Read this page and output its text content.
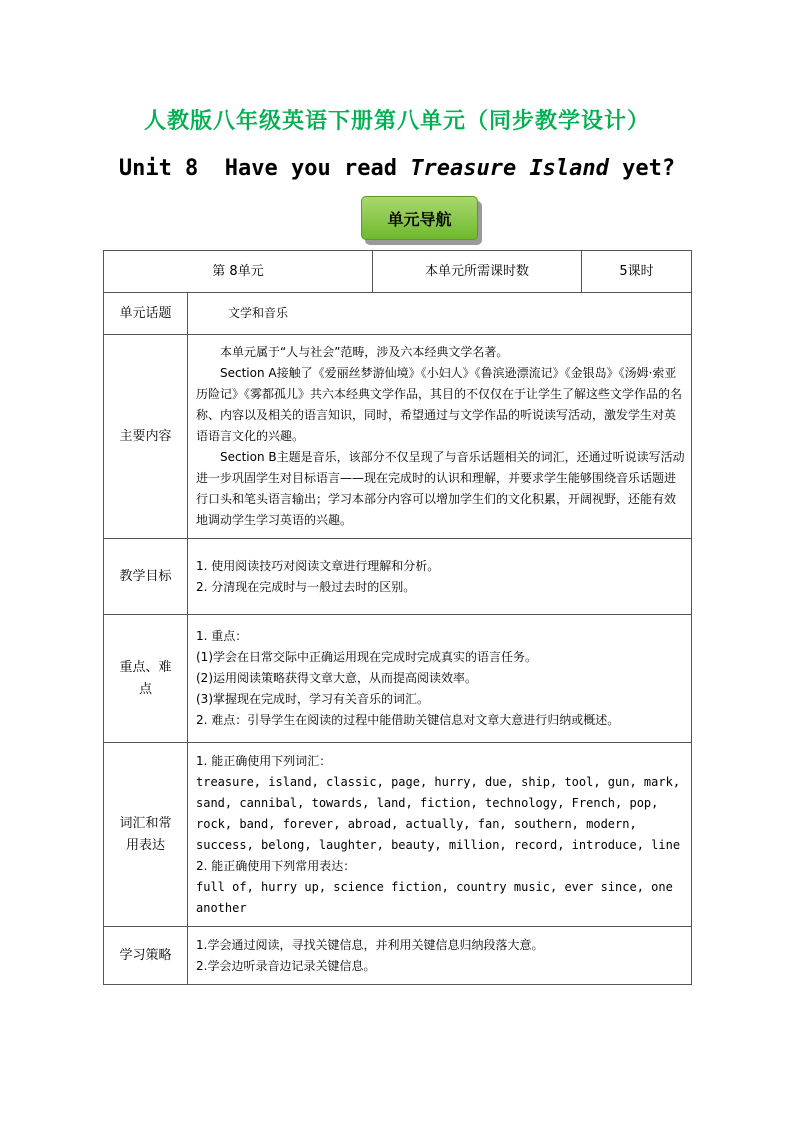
人教版八年级英语下册第八单元（同步教学设计）
Unit 8  Have you read Treasure Island yet?
单元导航
第 8单元		本单元所需课时数	5课时
单元话题	文学和音乐		
主要内容	本单元属于“人与社会”范畴，涉及六本经典文学名著。

Section A接触了《爱丽丝梦游仙境》《小妇人》《鲁滨逊漂流记》《金银岛》《汤姆·索亚历险记》《雾都孤儿》共六本经典文学作品，其目的不仅仅在于让学生了解这些文学作品的名称、内容以及相关的语言知识，同时，希望通过与文学作品的听说读写活动，激发学生对英语语言文化的兴趣。

Section B主题是音乐，该部分不仅呈现了与音乐话题相关的词汇，还通过听说读写活动进一步巩固学生对目标语言——现在完成时的认识和理解，并要求学生能够围绕音乐话题进行口头和笔头语言输出；学习本部分内容可以增加学生们的文化积累，开阔视野，还能有效地调动学生学习英语的兴趣。		

教学目标	1. 使用阅读技巧对阅读文章进行理解和分析。

2. 分清现在完成时与一般过去时的区别。		

重点、难点	1. 重点：

(1)学会在日常交际中正确运用现在完成时完成真实的语言任务。

(2)运用阅读策略获得文章大意，从而提高阅读效率。

(3)掌握现在完成时，学习有关音乐的词汇。

2. 难点：引导学生在阅读的过程中能借助关键信息对文章大意进行归纳或概述。		

词汇和常用表达	1. 能正确使用下列词汇：

treasure, island, classic, page, hurry, due, ship, tool, gun, mark, sand, cannibal, towards, land, fiction, technology, French, pop, rock, band, forever, abroad, actually, fan, southern, modern, success, belong, laughter, beauty, million, record, introduce, line

2. 能正确使用下列常用表达：

full of, hurry up, science fiction, country music, ever since, one another		

学习策略	1.学会通过阅读，寻找关键信息，并利用关键信息归纳段落大意。

2.学会边听录音边记录关键信息。		
